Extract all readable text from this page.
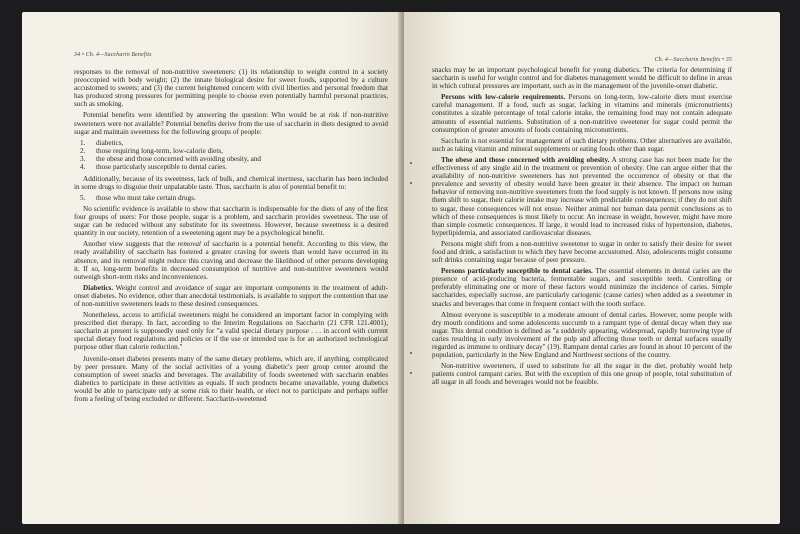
34 • Ch. 4—Saccharin Benefits

responses to the removal of non-nutritive sweeteners: (1) its relationship to weight control in a society preoccupied with body weight; (2) the innate biological desire for sweet foods, supported by a culture accustomed to sweets; and (3) the current heightened concern with civil liberties and personal freedom that has produced strong pressures for permitting people to choose even potentially harmful personal practices, such as smoking.

Potential benefits were identified by answering the question: Who would be at risk if non-nutritive sweeteners were not available? Potential benefits derive from the use of saccharin in diets designed to avoid sugar and maintain sweetness for the following groups of people:

1. diabetics,
2. those requiring long-term, low-calorie diets,
3. the obese and those concerned with avoiding obesity, and
4. those particularly susceptible to dental caries.

Additionally, because of its sweetness, lack of bulk, and chemical inertness, saccharin has been included in some drugs to disguise their unpalatable taste. Thus, saccharin is also of potential benefit to:

5. those who must take certain drugs.

No scientific evidence is available to show that saccharin is indispensable for the diets of any of the first four groups of users: For those people, sugar is a problem, and saccharin provides sweetness. The use of sugar can be reduced without any substitute for its sweetness. However, because sweetness is a desired quantity in our society, retention of a sweetening agent may be a psychological benefit.

Another view suggests that the removal of saccharin is a potential benefit. According to this view, the ready availability of saccharin has fostered a greater craving for sweets than would have occurred in its absence, and its removal might reduce this craving and decrease the likelihood of other persons developing it. If so, long-term benefits in decreased consumption of nutritive and non-nutritive sweeteners would outweigh short-term risks and inconveniences.

Diabetics. Weight control and avoidance of sugar are important components in the treatment of adult-onset diabetes. No evidence, other than anecdotal testimonials, is available to support the contention that use of non-nutritive sweeteners leads to these desired consequences.

Nonetheless, access to artificial sweeteners might be considered an important factor in complying with prescribed diet therapy. In fact, according to the Interim Regulations on Saccharin (21 CFR 121.4001), saccharin at present is supposedly used only for "a valid special dietary purpose . . . in accord with current special dietary food regulations and policies or if the use or intended use is for an authorized technological purpose other than calorie reduction."

Juvenile-onset diabetes presents many of the same dietary problems, which are, if anything, complicated by peer pressure. Many of the social activities of a young diabetic's peer group center around the consumption of sweet snacks and beverages. The availability of foods sweetened with saccharin enables diabetics to participate in these activities as equals. If such products became unavailable, young diabetics would be able to participate only at some risk to their health, or elect not to participate and perhaps suffer from a feeling of being excluded or different. Saccharin-sweetened

Ch. 4—Saccharin Benefits • 35

snacks may be an important psychological benefit for young diabetics. The criteria for determining if saccharin is useful for weight control and for diabetes management would be difficult to define in areas in which cultural pressures are important, such as in the management of the juvenile-onset diabetic.

Persons with low-calorie requirements. Persons on long-term, low-calorie diets must exercise careful management. If a food, such as sugar, lacking in vitamins and minerals (micronutrients) constitutes a sizable percentage of total calorie intake, the remaining food may not contain adequate amounts of essential nutrients. Substitution of a non-nutritive sweetener for sugar could permit the consumption of greater amounts of foods containing micronutrients.

Saccharin is not essential for management of such dietary problems. Other alternatives are available, such as taking vitamin and mineral supplements or eating foods other than sugar.

The obese and those concerned with avoiding obesity. A strong case has not been made for the effectiveness of any single aid in the treatment or prevention of obesity. One can argue either that the availability of non-nutritive sweeteners has not prevented the occurrence of obesity or that the prevalence and severity of obesity would have been greater in their absence. The impact on human behavior of removing non-nutritive sweeteners from the food supply is not known. If persons now using them shift to sugar, their calorie intake may increase with predictable consequences; if they do not shift to sugar, these consequences will not ensue. Neither animal nor human data permit conclusions as to which of these consequences is most likely to occur. An increase in weight, however, might have more than simple cosmetic consequences. If large, it would lead to increased risks of hypertension, diabetes, hyperlipidemia, and associated cardiovascular diseases.

Persons might shift from a non-nutritive sweetener to sugar in order to satisfy their desire for sweet food and drink, a satisfaction to which they have become accustomed. Also, adolescents might consume soft drinks containing sugar because of peer pressure.

Persons particularly susceptible to dental caries. The essential elements in dental caries are the presence of acid-producing bacteria, fermentable sugars, and susceptible teeth. Controlling or preferably eliminating one or more of these factors would minimize the incidence of caries. Simple saccharides, especially sucrose, are particularly cariogenic (cause caries) when added as a sweetener in snacks and beverages that come in frequent contact with the tooth surface.

Almost everyone is susceptible to a moderate amount of dental caries. However, some people with dry mouth conditions and some adolescents succumb to a rampant type of dental decay when they use sugar. This dental condition is defined as "a suddenly appearing, widespread, rapidly burrowing type of caries resulting in early involvement of the pulp and affecting those teeth or dental surfaces usually regarded as immune to ordinary decay" (19). Rampant dental caries are found in about 10 percent of the population, particularly in the New England and Northwest sections of the country.

Non-nutritive sweeteners, if used to substitute for all the sugar in the diet, probably would help patients control rampant caries. But with the exception of this one group of people, total substitution of all sugar in all foods and beverages would not be feasible.
